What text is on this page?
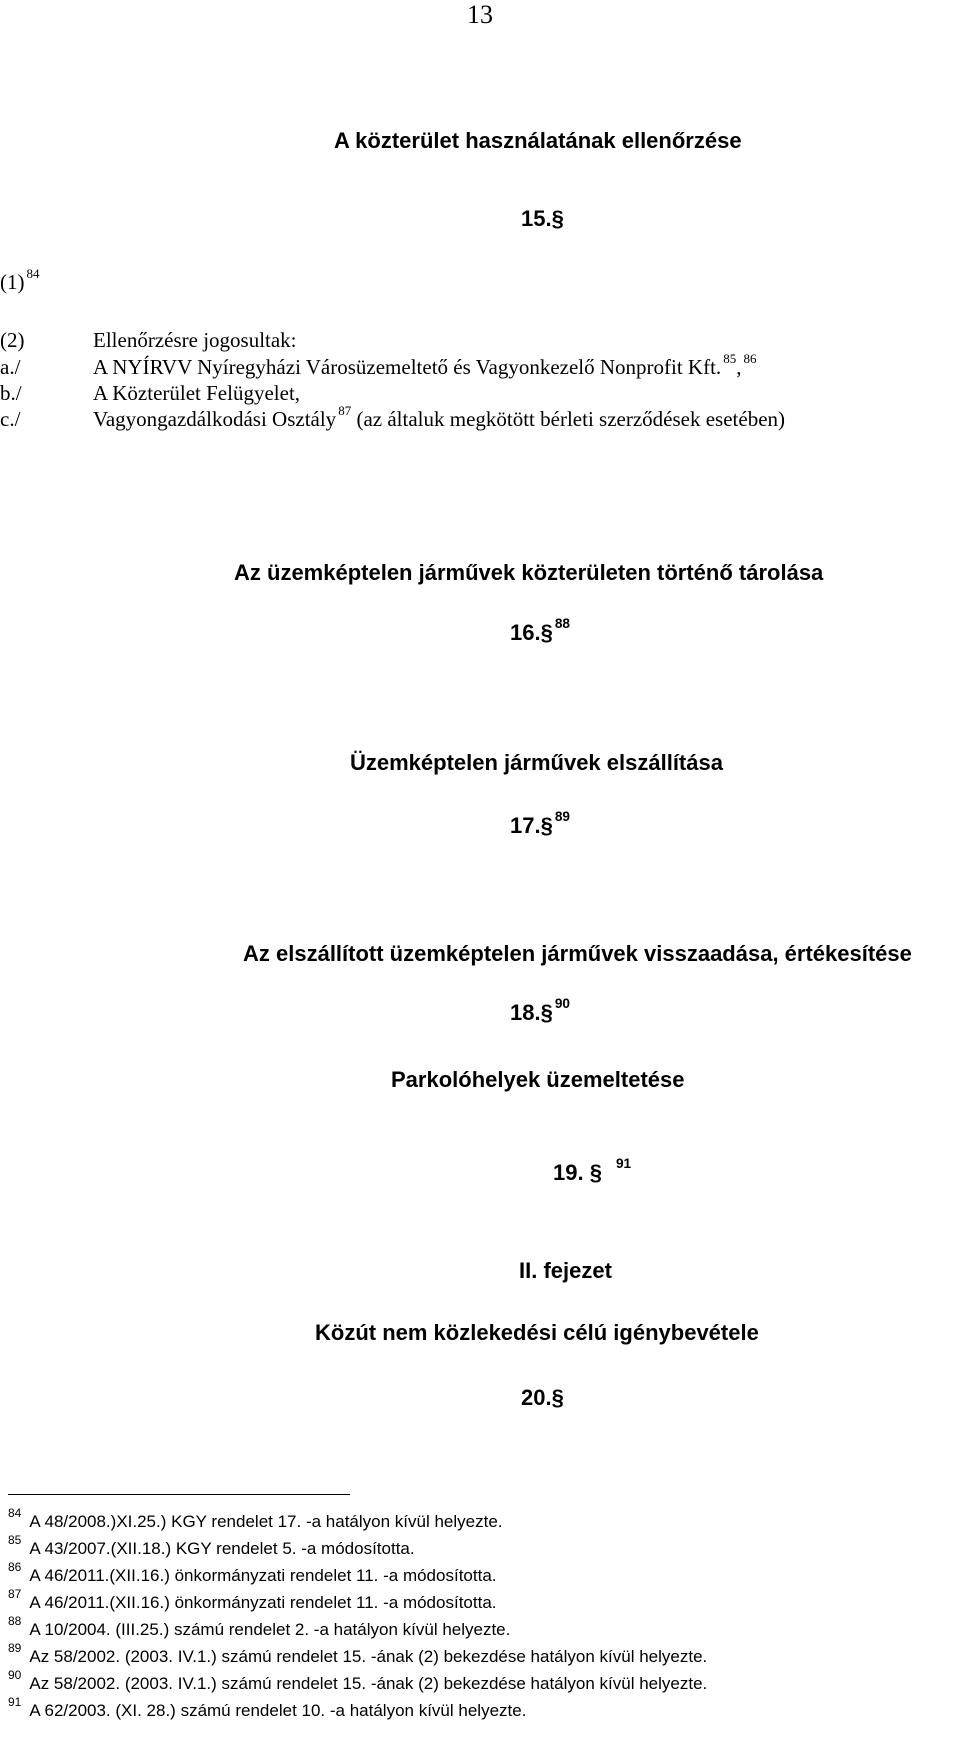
13
A közterület használatának ellenőrzése
15.§
(1) $^{84}$
(2)	Ellenőrzésre jogosultak:
a./	A NYÍRVV Nyíregyházi Városüzemeltető és Vagyonkezelő Nonprofit Kft. $^{85}$, $^{86}$
b./	A Közterület Felügyelet,
c./	Vagyongazdálkodási Osztály $^{87}$ (az általuk megkötött bérleti szerződések esetében)
Az üzemképtelen járművek közterületen történő tárolása
16.§ $^{88}$
Üzemképtelen járművek elszállítása
17.§ $^{89}$
Az elszállított üzemképtelen járművek visszaadása, értékesítése
18.§ $^{90}$
Parkolóhelyek üzemeltetése
19. § $^{91}$
II. fejezet
Közút nem közlekedési célú igénybevétele
20.§
$^{84}$ A 48/2008.)XI.25.) KGY rendelet 17. -a hatályon kívül helyezte.
$^{85}$ A 43/2007.(XII.18.) KGY rendelet 5. -a módosította.
$^{86}$ A 46/2011.(XII.16.) önkormányzati rendelet 11. -a módosította.
$^{87}$ A 46/2011.(XII.16.) önkormányzati rendelet 11. -a módosította.
$^{88}$ A 10/2004. (III.25.) számú rendelet 2. -a hatályon kívül helyezte.
$^{89}$ Az 58/2002. (2003. IV.1.) számú rendelet 15. -ának (2) bekezdése hatályon kívül helyezte.
$^{90}$ Az 58/2002. (2003. IV.1.) számú rendelet 15. -ának (2) bekezdése hatályon kívül helyezte.
$^{91}$ A 62/2003. (XI. 28.) számú rendelet 10. -a hatályon kívül helyezte.
